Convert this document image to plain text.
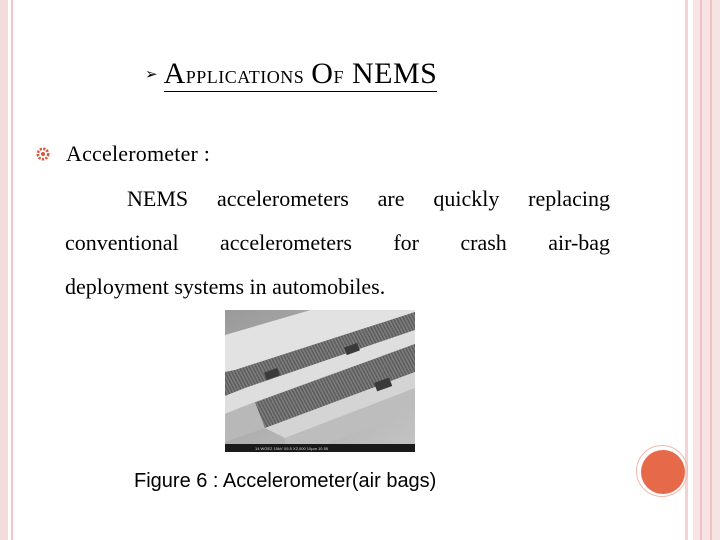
➢ Applications Of NEMS
Accelerometer :
NEMS accelerometers are quickly replacing
conventional accelerometers for crash air-bag
deployment systems in automobiles.
14 WGE2 15kV X5.5 X2,000 10µm 10 55
Figure 6 : Accelerometer(air bags)
